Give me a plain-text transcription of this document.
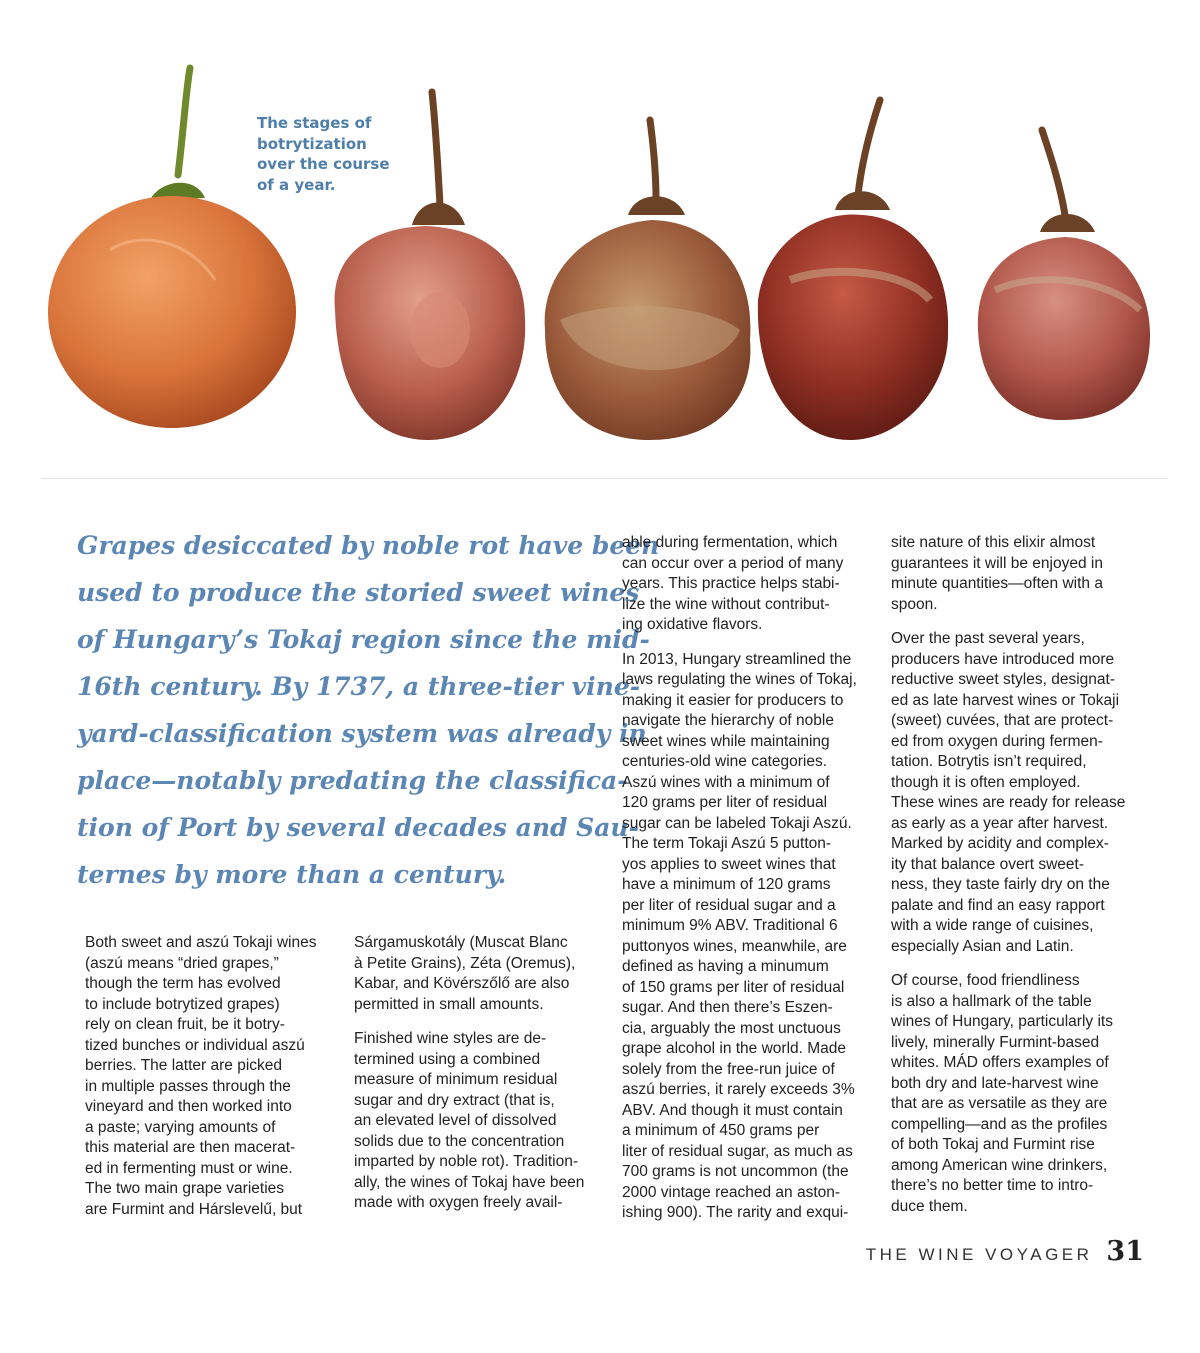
The stages of
botrytization
over the course
of a year.
Grapes desiccated by noble rot have been
used to produce the storied sweet wines
of Hungary’s Tokaj region since the mid-
16th century. By 1737, a three-tier vine-
yard-classification system was already in
place—notably predating the classifica-
tion of Port by several decades and Sau-
ternes by more than a century.

Both sweet and aszú Tokaji wines
(aszú means “dried grapes,”
though the term has evolved
to include botrytized grapes)
rely on clean fruit, be it botry-
tized bunches or individual aszú
berries. The latter are picked
in multiple passes through the
vineyard and then worked into
a paste; varying amounts of
this material are then macerat-
ed in fermenting must or wine.
The two main grape varieties
are Furmint and Hárslevelű, but

Sárgamuskotály (Muscat Blanc
à Petite Grains), Zéta (Oremus),
Kabar, and Kövérszőlő are also
permitted in small amounts.

Finished wine styles are de-
termined using a combined
measure of minimum residual
sugar and dry extract (that is,
an elevated level of dissolved
solids due to the concentration
imparted by noble rot). Tradition-
ally, the wines of Tokaj have been
made with oxygen freely avail-

able during fermentation, which
can occur over a period of many
years. This practice helps stabi-
lize the wine without contribut-
ing oxidative flavors.

In 2013, Hungary streamlined the
laws regulating the wines of Tokaj,
making it easier for producers to
navigate the hierarchy of noble
sweet wines while maintaining
centuries-old wine categories.
Aszú wines with a minimum of
120 grams per liter of residual
sugar can be labeled Tokaji Aszú.
The term Tokaji Aszú 5 putton-
yos applies to sweet wines that
have a minimum of 120 grams
per liter of residual sugar and a
minimum 9% ABV. Traditional 6
puttonyos wines, meanwhile, are
defined as having a minumum
of 150 grams per liter of residual
sugar. And then there’s Eszen-
cia, arguably the most unctuous
grape alcohol in the world. Made
solely from the free-run juice of
aszú berries, it rarely exceeds 3%
ABV. And though it must contain
a minimum of 450 grams per
liter of residual sugar, as much as
700 grams is not uncommon (the
2000 vintage reached an aston-
ishing 900). The rarity and exqui-

site nature of this elixir almost
guarantees it will be enjoyed in
minute quantities—often with a
spoon.

Over the past several years,
producers have introduced more
reductive sweet styles, designat-
ed as late harvest wines or Tokaji
(sweet) cuvées, that are protect-
ed from oxygen during fermen-
tation. Botrytis isn’t required,
though it is often employed.
These wines are ready for release
as early as a year after harvest.
Marked by acidity and complex-
ity that balance overt sweet-
ness, they taste fairly dry on the
palate and find an easy rapport
with a wide range of cuisines,
especially Asian and Latin.

Of course, food friendliness
is also a hallmark of the table
wines of Hungary, particularly its
lively, minerally Furmint-based
whites. MÁD offers examples of
both dry and late-harvest wine
that are as versatile as they are
compelling—and as the profiles
of both Tokaj and Furmint rise
among American wine drinkers,
there’s no better time to intro-
duce them.

THE WINE VOYAGER 31
